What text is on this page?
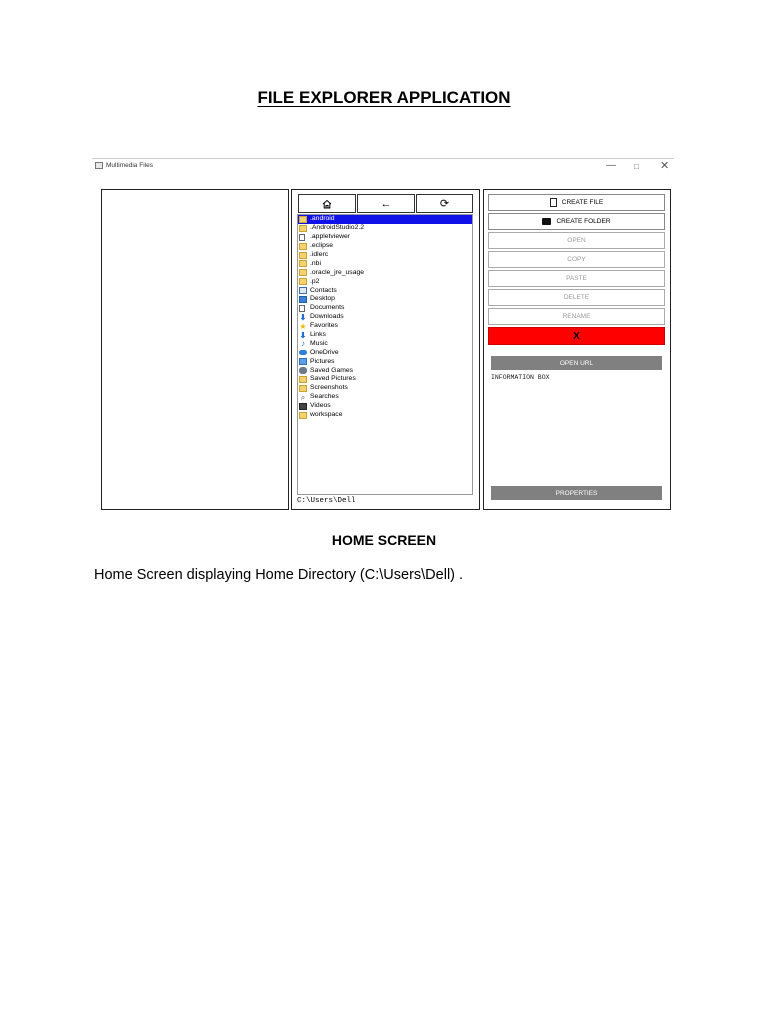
FILE EXPLORER APPLICATION
Multimedia Files	— □ ✕
←	⟳
.android
.AndroidStudio2.2
.appletviewer
.eclipse
.idlerc
.nbi
.oracle_jre_usage
.p2
Contacts
Desktop
Documents
⬇ Downloads
★ Favorites
⬇ Links
♪ Music
OneDrive
Pictures
Saved Games
Saved Pictures
Screenshots
⌕ Searches
Videos
workspace
C:\Users\Dell
CREATE FILE
CREATE FOLDER
OPEN
COPY
PASTE
DELETE
RENAME
X
OPEN URL
INFORMATION BOX
PROPERTIES
HOME SCREEN
Home Screen displaying Home Directory (C:\Users\Dell) .
